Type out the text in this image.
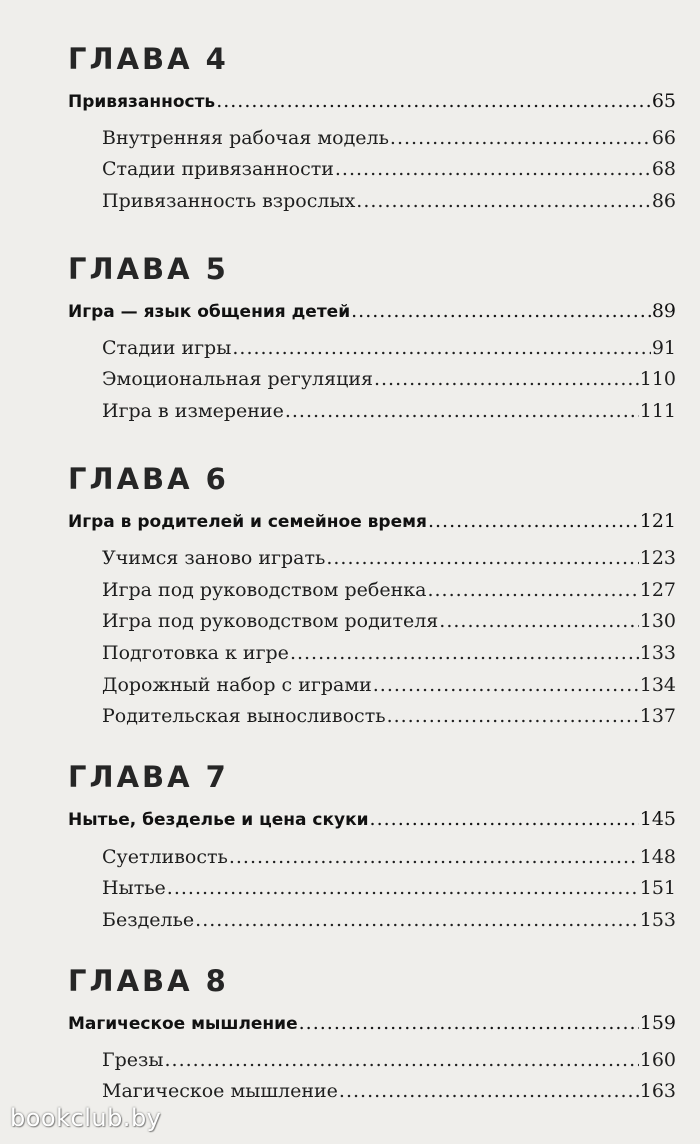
ГЛАВА 4
Привязанность .....	65
Внутренняя рабочая модель .....	66
Стадии привязанности .....	68
Привязанность взрослых .....	86
ГЛАВА 5
Игра — язык общения детей .....	89
Стадии игры .....	91
Эмоциональная регуляция .....	110
Игра в измерение .....	111
ГЛАВА 6
Игра в родителей и семейное время .....	121
Учимся заново играть .....	123
Игра под руководством ребенка .....	127
Игра под руководством родителя .....	130
Подготовка к игре .....	133
Дорожный набор с играми .....	134
Родительская выносливость .....	137
ГЛАВА 7
Нытье, безделье и цена скуки .....	145
Суетливость .....	148
Нытье .....	151
Безделье .....	153
ГЛАВА 8
Магическое мышление .....	159
Грезы .....	160
Магическое мышление .....	163
bookclub.by
